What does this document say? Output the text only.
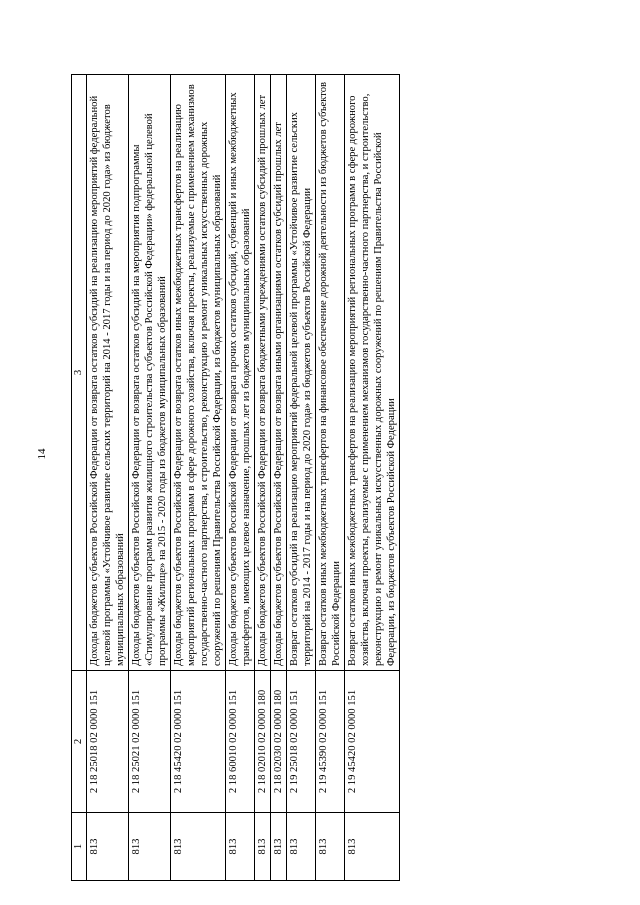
14
1	2	3
813	2 18 25018 02 0000 151	Доходы бюджетов субъектов Российской Федерации от возврата остатков субсидий на реализацию мероприятий федеральной целевой программы «Устойчивое развитие сельских территорий на 2014 - 2017 годы и на период до 2020 года» из бюджетов муниципальных образований
813	2 18 25021 02 0000 151	Доходы бюджетов субъектов Российской Федерации от возврата остатков субсидий на мероприятия подпрограммы «Стимулирование программ развития жилищного строительства субъектов Российской Федерации» федеральной целевой программы «Жилище» на 2015 - 2020 годы из бюджетов муниципальных образований
813	2 18 45420 02 0000 151	Доходы бюджетов субъектов Российской Федерации от возврата остатков иных межбюджетных трансфертов на реализацию мероприятий региональных программ в сфере дорожного хозяйства, включая проекты, реализуемые с применением механизмов государственно-частного партнерства, и строительство, реконструкцию и ремонт уникальных искусственных дорожных сооружений по решениям Правительства Российской Федерации, из бюджетов муниципальных образований
813	2 18 60010 02 0000 151	Доходы бюджетов субъектов Российской Федерации от возврата прочих остатков субсидий, субвенций и иных межбюджетных трансфертов, имеющих целевое назначение, прошлых лет из бюджетов муниципальных образований
813	2 18 02010 02 0000 180	Доходы бюджетов субъектов Российской Федерации от возврата бюджетными учреждениями остатков субсидий прошлых лет
813	2 18 02030 02 0000 180	Доходы бюджетов субъектов Российской Федерации от возврата иными организациями остатков субсидий прошлых лет
813	2 19 25018 02 0000 151	Возврат остатков субсидий на реализацию мероприятий федеральной целевой программы «Устойчивое развитие сельских территорий на 2014 - 2017 годы и на период до 2020 года» из бюджетов субъектов Российской Федерации
813	2 19 45390 02 0000 151	Возврат остатков иных межбюджетных трансфертов на финансовое обеспечение дорожной деятельности из бюджетов субъектов Российской Федерации
813	2 19 45420 02 0000 151	Возврат остатков иных межбюджетных трансфертов на реализацию мероприятий региональных программ в сфере дорожного хозяйства, включая проекты, реализуемые с применением механизмов государственно-частного партнерства, и строительство, реконструкцию и ремонт уникальных искусственных дорожных сооружений по решениям Правительства Российской Федерации, из бюджетов субъектов Российской Федерации
